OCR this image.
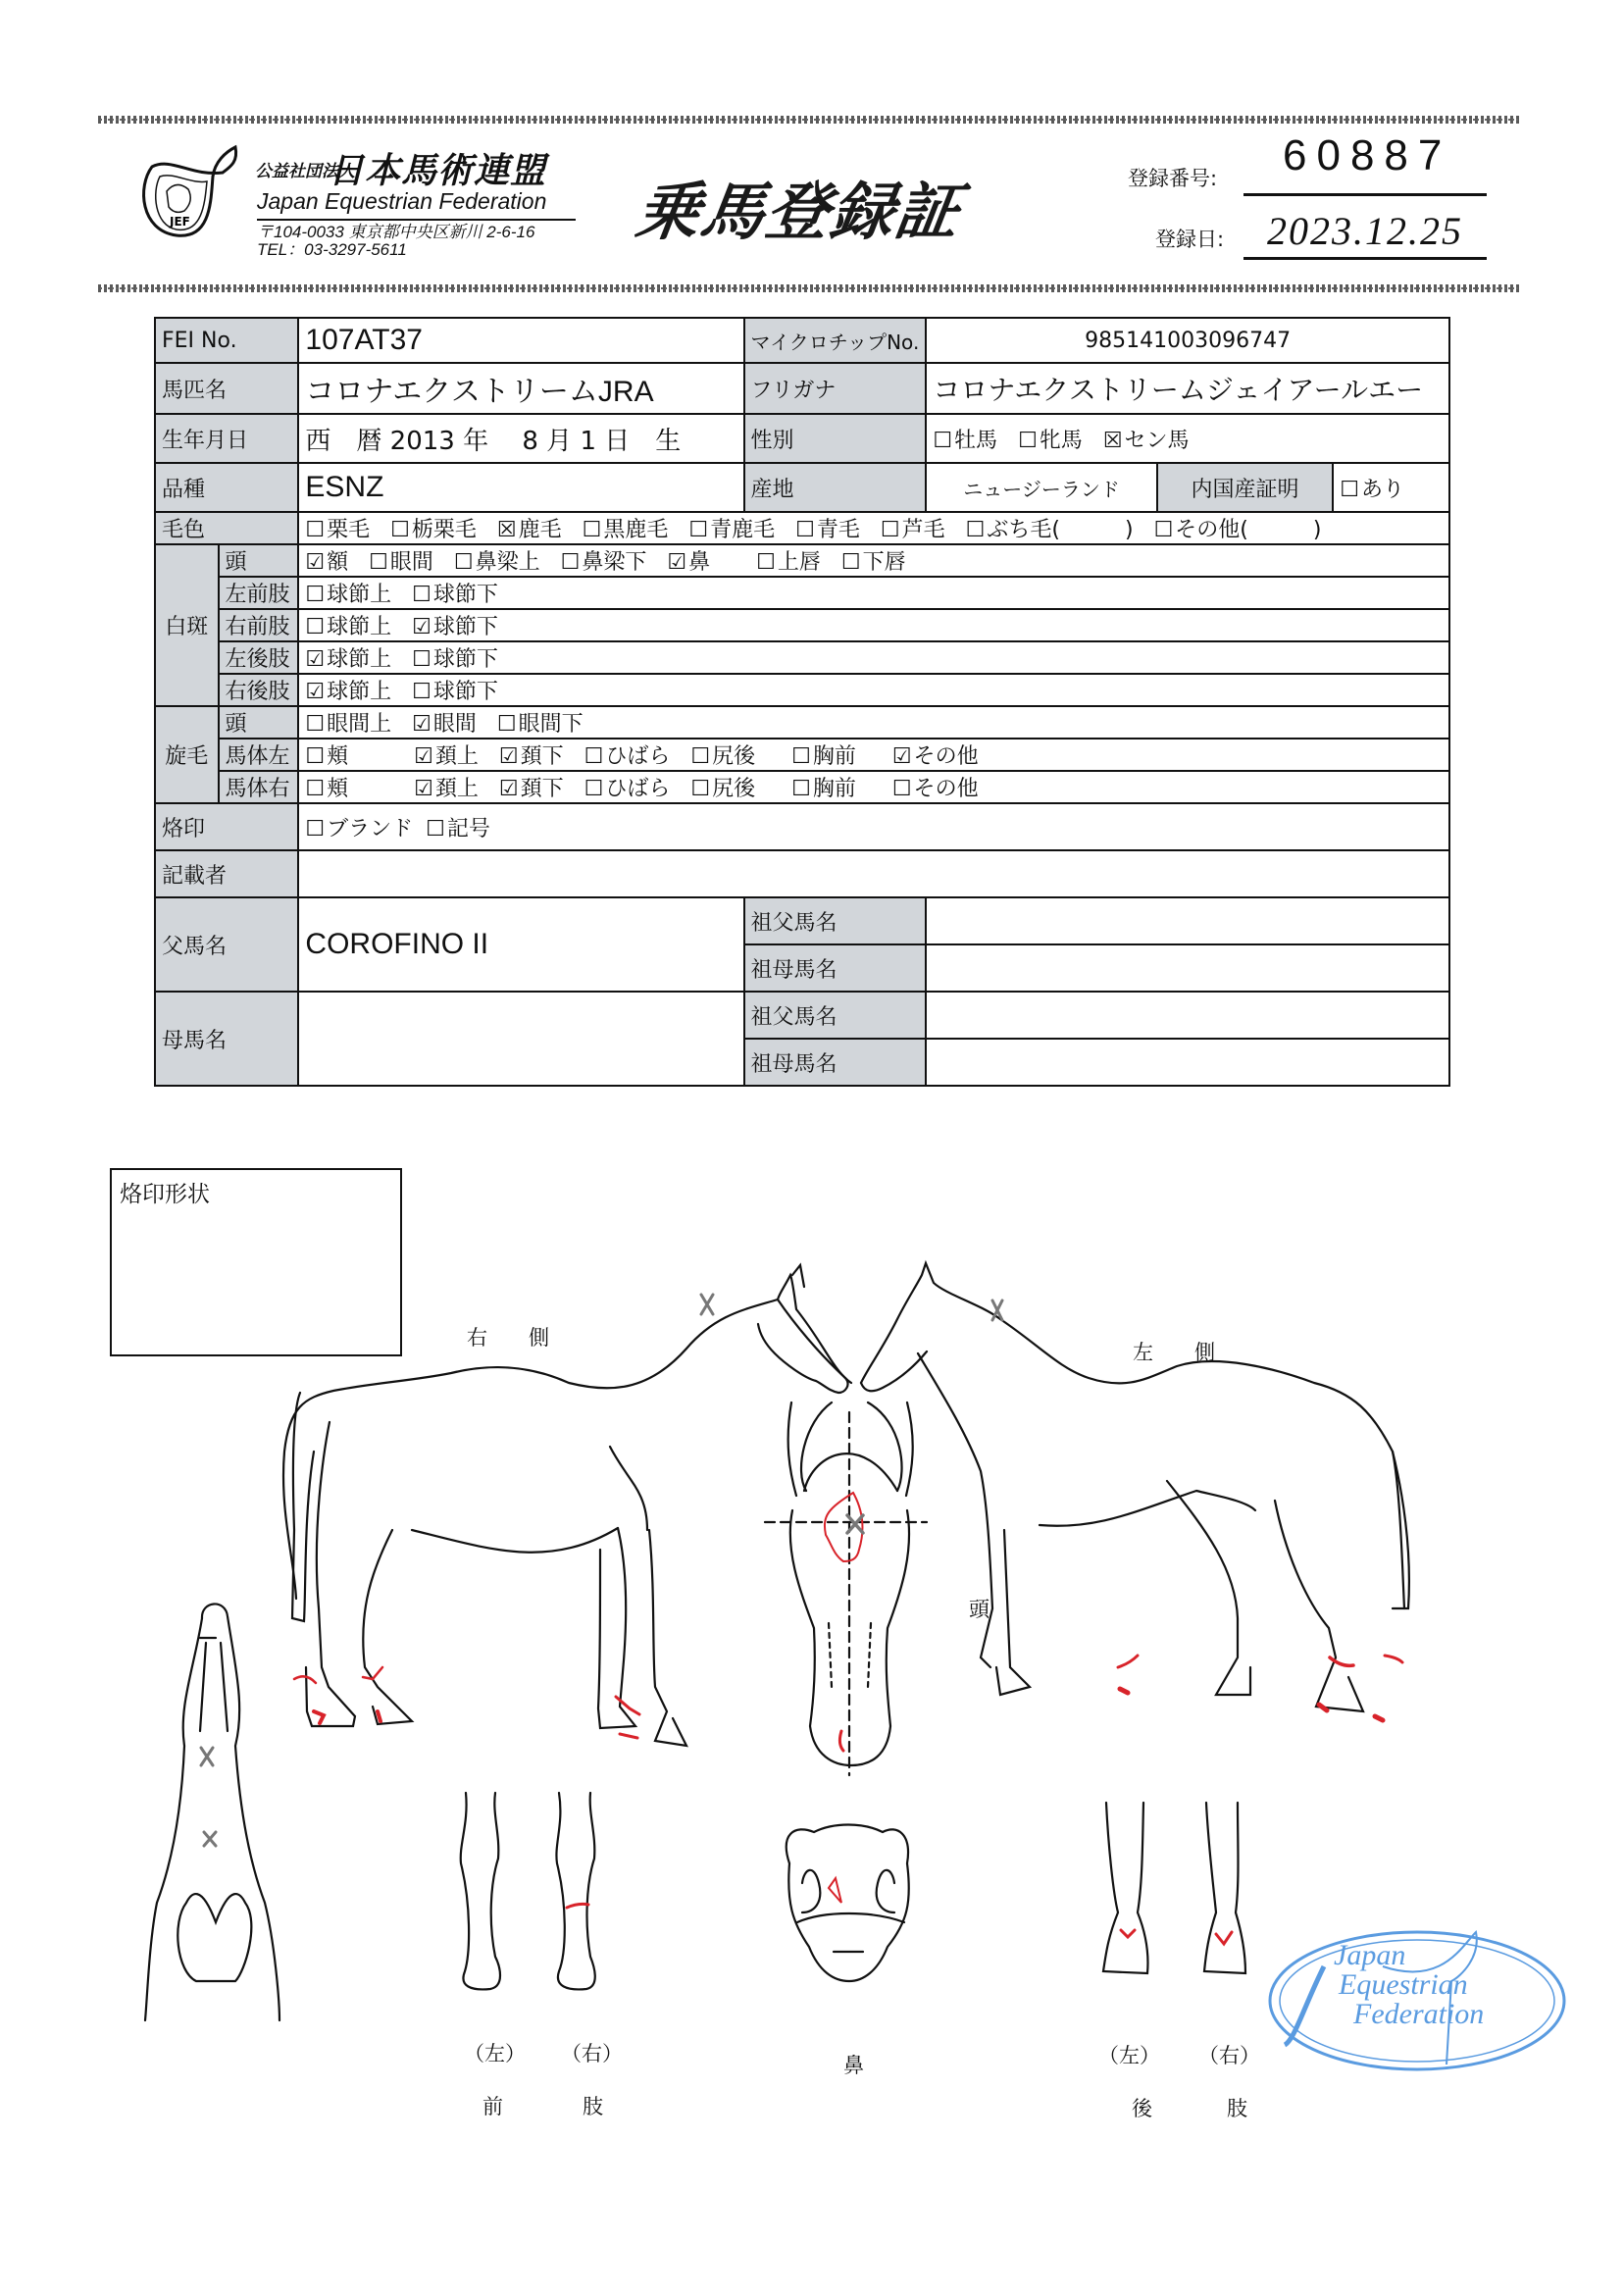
JEF
公益社団法人
日本馬術連盟
Japan Equestrian Federation
〒104-0033 東京都中央区新川 2-6-16
TEL：03-3297-5611
乗馬登録証	登録番号: 60887
登録日: 2023.12.25
FEI No.		107AT37	マイクロチップNo.	985141003096747		
馬匹名		コロナエクストリームJRA	フリガナ	コロナエクストリームジェイアールエー		
生年月日		西　暦 2013 年　 8 月 1 日　生	性別	☐牡馬 ☐牝馬 ☒セン馬		
品種		ESNZ	産地	ニュージーランド	内国産証明	☐あり
毛色		☐栗毛 ☐栃栗毛 ☒鹿毛 ☐黒鹿毛 ☐青鹿毛 ☐青毛 ☐芦毛 ☐ぶち毛(　　　) ☐その他(　　　)				
白斑	頭	☑額 ☐眼間 ☐鼻梁上 ☐鼻梁下 ☑鼻 ☐上唇 ☐下唇				
	左前肢	☐球節上 ☐球節下				
	右前肢	☐球節上 ☑球節下				
	左後肢	☑球節上 ☐球節下				
	右後肢	☑球節上 ☐球節下				
旋毛	頭	☐眼間上 ☑眼間 ☐眼間下				
	馬体左	☐頬 ☑頚上 ☑頚下 ☐ひばら ☐尻後 ☐胸前 ☑その他				
	馬体右	☐頬 ☑頚上 ☑頚下 ☐ひばら ☐尻後 ☐胸前 ☐その他				
烙印		☐ブランド ☐記号				
記載者						
父馬名		COROFINO II	祖父馬名			
			祖母馬名			
母馬名			祖父馬名			
			祖母馬名			
烙印形状
右　　側
左　　側
頭
鼻
（左） （右）
前	肢
（左） （右）
後	肢
Japan
Equestrian
Federation
